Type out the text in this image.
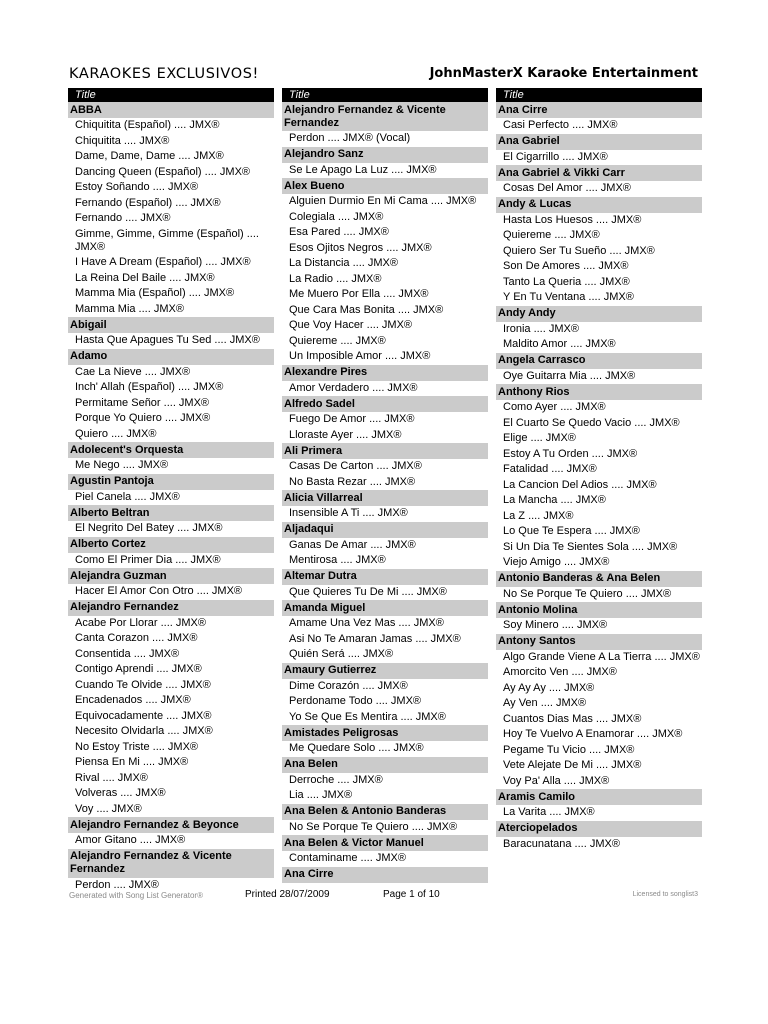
KARAOKES EXCLUSIVOS!	JohnMasterX Karaoke Entertainment
Title
ABBA
Chiquitita (Español) .... JMX®
Chiquitita .... JMX®
Dame, Dame, Dame .... JMX®
Dancing Queen (Español) .... JMX®
Estoy Soñando .... JMX®
Fernando (Español) .... JMX®
Fernando .... JMX®
Gimme, Gimme, Gimme (Español) .... JMX®
I Have A Dream (Español) .... JMX®
La Reina Del Baile .... JMX®
Mamma Mia (Español) .... JMX®
Mamma Mia .... JMX®
Abigail
Hasta Que Apagues Tu Sed .... JMX®
Adamo
Cae La Nieve .... JMX®
Inch' Allah (Español) .... JMX®
Permitame Señor .... JMX®
Porque Yo Quiero .... JMX®
Quiero .... JMX®
Adolecent's Orquesta
Me Nego .... JMX®
Agustin Pantoja
Piel Canela .... JMX®
Alberto Beltran
El Negrito Del Batey .... JMX®
Alberto Cortez
Como El Primer Dia .... JMX®
Alejandra Guzman
Hacer El Amor Con Otro .... JMX®
Alejandro Fernandez
Acabe Por Llorar .... JMX®
Canta Corazon .... JMX®
Consentida .... JMX®
Contigo Aprendi .... JMX®
Cuando Te Olvide .... JMX®
Encadenados .... JMX®
Equivocadamente .... JMX®
Necesito Olvidarla .... JMX®
No Estoy Triste .... JMX®
Piensa En Mi .... JMX®
Rival .... JMX®
Volveras .... JMX®
Voy .... JMX®
Alejandro Fernandez & Beyonce
Amor Gitano .... JMX®
Alejandro Fernandez & Vicente Fernandez
Perdon .... JMX®
Title
Alejandro Fernandez & Vicente Fernandez
Perdon .... JMX® (Vocal)
Alejandro Sanz
Se Le Apago La Luz .... JMX®
Alex Bueno
Alguien Durmio En Mi Cama .... JMX®
Colegiala .... JMX®
Esa Pared .... JMX®
Esos Ojitos Negros .... JMX®
La Distancia .... JMX®
La Radio .... JMX®
Me Muero Por Ella .... JMX®
Que Cara Mas Bonita .... JMX®
Que Voy Hacer .... JMX®
Quiereme .... JMX®
Un Imposible Amor .... JMX®
Alexandre Pires
Amor Verdadero .... JMX®
Alfredo Sadel
Fuego De Amor .... JMX®
Lloraste Ayer .... JMX®
Ali Primera
Casas De Carton .... JMX®
No Basta Rezar .... JMX®
Alicia Villarreal
Insensible A Ti .... JMX®
Aljadaqui
Ganas De Amar .... JMX®
Mentirosa .... JMX®
Altemar Dutra
Que Quieres Tu De Mi .... JMX®
Amanda Miguel
Amame Una Vez Mas .... JMX®
Asi No Te Amaran Jamas .... JMX®
Quién Será .... JMX®
Amaury Gutierrez
Dime Corazón .... JMX®
Perdoname Todo .... JMX®
Yo Se Que Es Mentira .... JMX®
Amistades Peligrosas
Me Quedare Solo .... JMX®
Ana Belen
Derroche .... JMX®
Lia .... JMX®
Ana Belen & Antonio Banderas
No Se Porque Te Quiero .... JMX®
Ana Belen & Victor Manuel
Contaminame .... JMX®
Ana Cirre
Title
Ana Cirre
Casi Perfecto .... JMX®
Ana Gabriel
El Cigarrillo .... JMX®
Ana Gabriel & Vikki Carr
Cosas Del Amor .... JMX®
Andy & Lucas
Hasta Los Huesos .... JMX®
Quiereme .... JMX®
Quiero Ser Tu Sueño .... JMX®
Son De Amores .... JMX®
Tanto La Queria .... JMX®
Y En Tu Ventana .... JMX®
Andy Andy
Ironia .... JMX®
Maldito Amor .... JMX®
Angela Carrasco
Oye Guitarra Mia .... JMX®
Anthony Rios
Como Ayer .... JMX®
El Cuarto Se Quedo Vacio .... JMX®
Elige .... JMX®
Estoy A Tu Orden .... JMX®
Fatalidad .... JMX®
La Cancion Del Adios .... JMX®
La Mancha .... JMX®
La Z .... JMX®
Lo Que Te Espera .... JMX®
Si Un Dia Te Sientes Sola .... JMX®
Viejo Amigo .... JMX®
Antonio Banderas & Ana Belen
No Se Porque Te Quiero .... JMX®
Antonio Molina
Soy Minero .... JMX®
Antony Santos
Algo Grande Viene A La Tierra .... JMX®
Amorcito Ven .... JMX®
Ay Ay Ay .... JMX®
Ay Ven .... JMX®
Cuantos Dias Mas .... JMX®
Hoy Te Vuelvo A Enamorar .... JMX®
Pegame Tu Vicio .... JMX®
Vete Alejate De Mi .... JMX®
Voy Pa' Alla .... JMX®
Aramis Camilo
La Varita .... JMX®
Aterciopelados
Baracunatana .... JMX®
Generated with Song List Generator®	Printed 28/07/2009	Page 1 of 10	Licensed to songlist3
